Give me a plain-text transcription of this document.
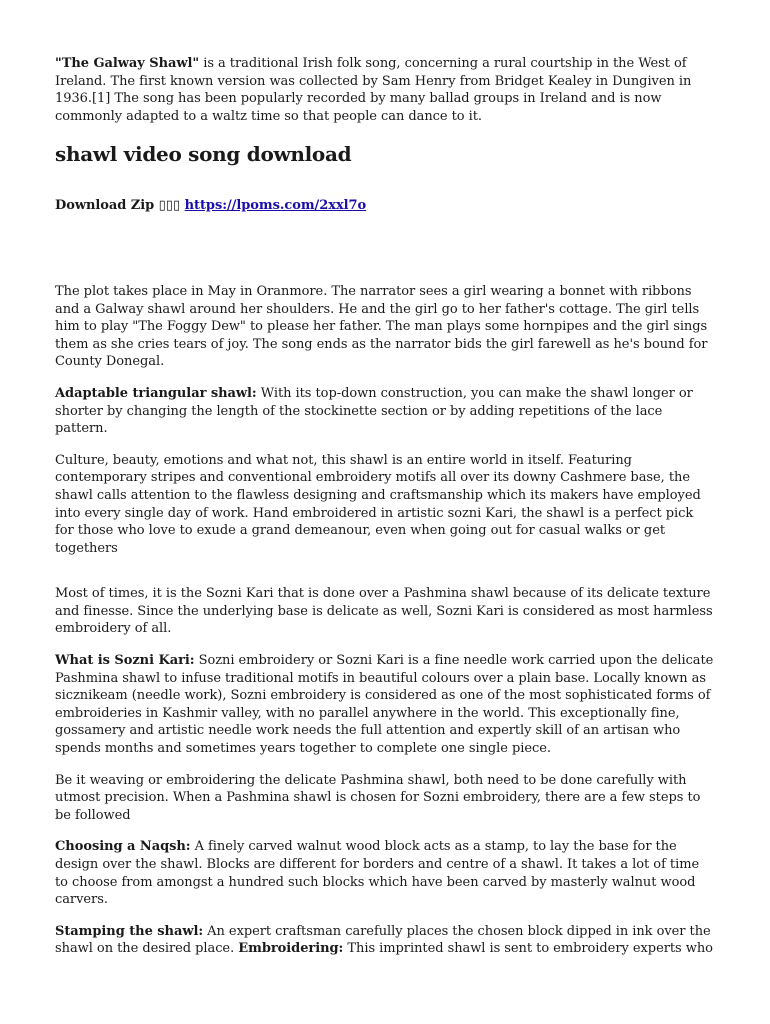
"The Galway Shawl" is a traditional Irish folk song, concerning a rural courtship in the West of Ireland. The first known version was collected by Sam Henry from Bridget Kealey in Dungiven in 1936.[1] The song has been popularly recorded by many ballad groups in Ireland and is now commonly adapted to a waltz time so that people can dance to it.

shawl video song download

Download Zip ▯▯▯ https://lpoms.com/2xxl7o

The plot takes place in May in Oranmore. The narrator sees a girl wearing a bonnet with ribbons and a Galway shawl around her shoulders. He and the girl go to her father's cottage. The girl tells him to play "The Foggy Dew" to please her father. The man plays some hornpipes and the girl sings them as she cries tears of joy. The song ends as the narrator bids the girl farewell as he's bound for County Donegal.

Adaptable triangular shawl: With its top-down construction, you can make the shawl longer or shorter by changing the length of the stockinette section or by adding repetitions of the lace pattern.

Culture, beauty, emotions and what not, this shawl is an entire world in itself. Featuring contemporary stripes and conventional embroidery motifs all over its downy Cashmere base, the shawl calls attention to the flawless designing and craftsmanship which its makers have employed into every single day of work. Hand embroidered in artistic sozni Kari, the shawl is a perfect pick for those who love to exude a grand demeanour, even when going out for casual walks or get togethers

Most of times, it is the Sozni Kari that is done over a Pashmina shawl because of its delicate texture and finesse. Since the underlying base is delicate as well, Sozni Kari is considered as most harmless embroidery of all.

What is Sozni Kari: Sozni embroidery or Sozni Kari is a fine needle work carried upon the delicate Pashmina shawl to infuse traditional motifs in beautiful colours over a plain base. Locally known as sicznikeam (needle work), Sozni embroidery is considered as one of the most sophisticated forms of embroideries in Kashmir valley, with no parallel anywhere in the world. This exceptionally fine, gossamery and artistic needle work needs the full attention and expertly skill of an artisan who spends months and sometimes years together to complete one single piece.

Be it weaving or embroidering the delicate Pashmina shawl, both need to be done carefully with utmost precision. When a Pashmina shawl is chosen for Sozni embroidery, there are a few steps to be followed

Choosing a Naqsh: A finely carved walnut wood block acts as a stamp, to lay the base for the design over the shawl. Blocks are different for borders and centre of a shawl. It takes a lot of time to choose from amongst a hundred such blocks which have been carved by masterly walnut wood carvers.

Stamping the shawl: An expert craftsman carefully places the chosen block dipped in ink over the shawl on the desired place. Embroidering: This imprinted shawl is sent to embroidery experts who
